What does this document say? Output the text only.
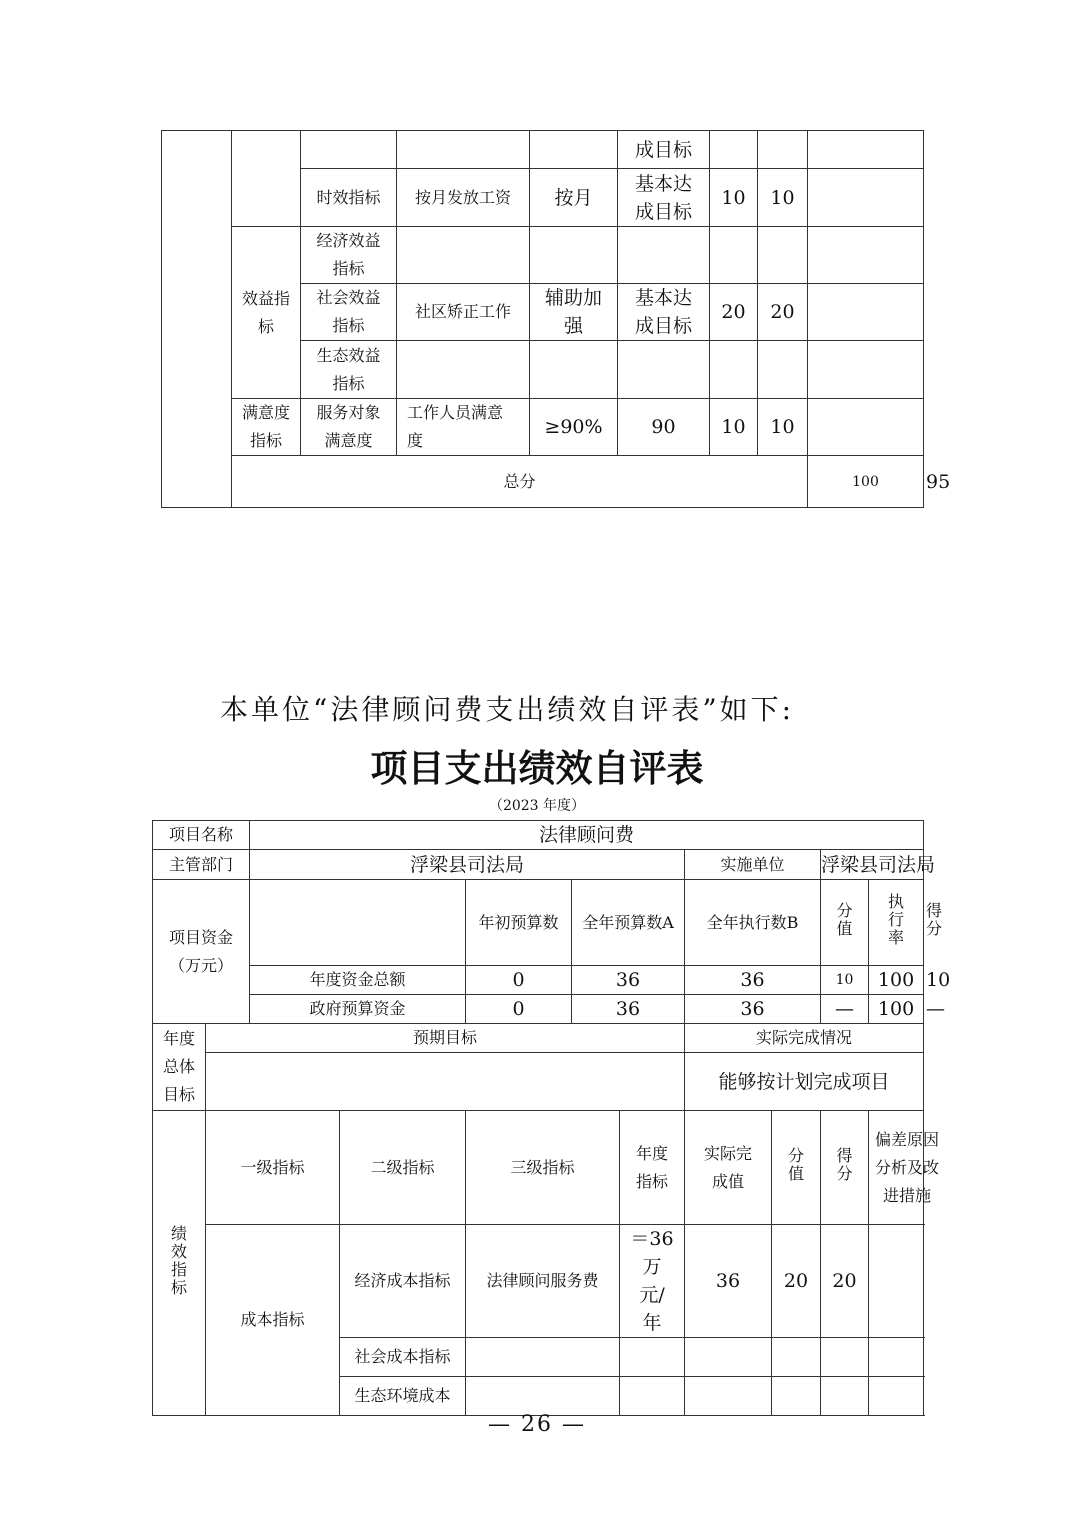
					成目标				
		时效指标	按月发放工资	按月	基本达成目标	10	10		
	效益指标	经济效益指标							
		社会效益指标	社区矫正工作	辅助加强	基本达成目标	20	20		
		生态效益指标							
	满意度指标	服务对象满意度	工作人员满意度	≥90%	90	10	10		
	总分							100	95	
本单位“法律顾问费支出绩效自评表”如下:
项目支出绩效自评表
（2023 年度）
项目名称		法律顾问费									
主管部门		浮梁县司法局					实施单位		浮梁县司法局		
项目资金（万元）				年初预算数	全年预算数A		全年执行数B		分值	执行率	得分
		年度资金总额		0	36		36		10	100	10
		政府预算资金		0	36		36		—	100	—
年度总体目标	预期目标						实际完成情况				
							能够按计划完成项目				
绩效指标	一级指标		二级指标	三级指标		年度指标	实际完成值	分值	得分	偏差原因分析及改进措施	
	成本指标		经济成本指标	法律顾问服务费		＝36万元/年	36	20	20		
			社会成本指标								
			生态环境成本								
— 26 —
